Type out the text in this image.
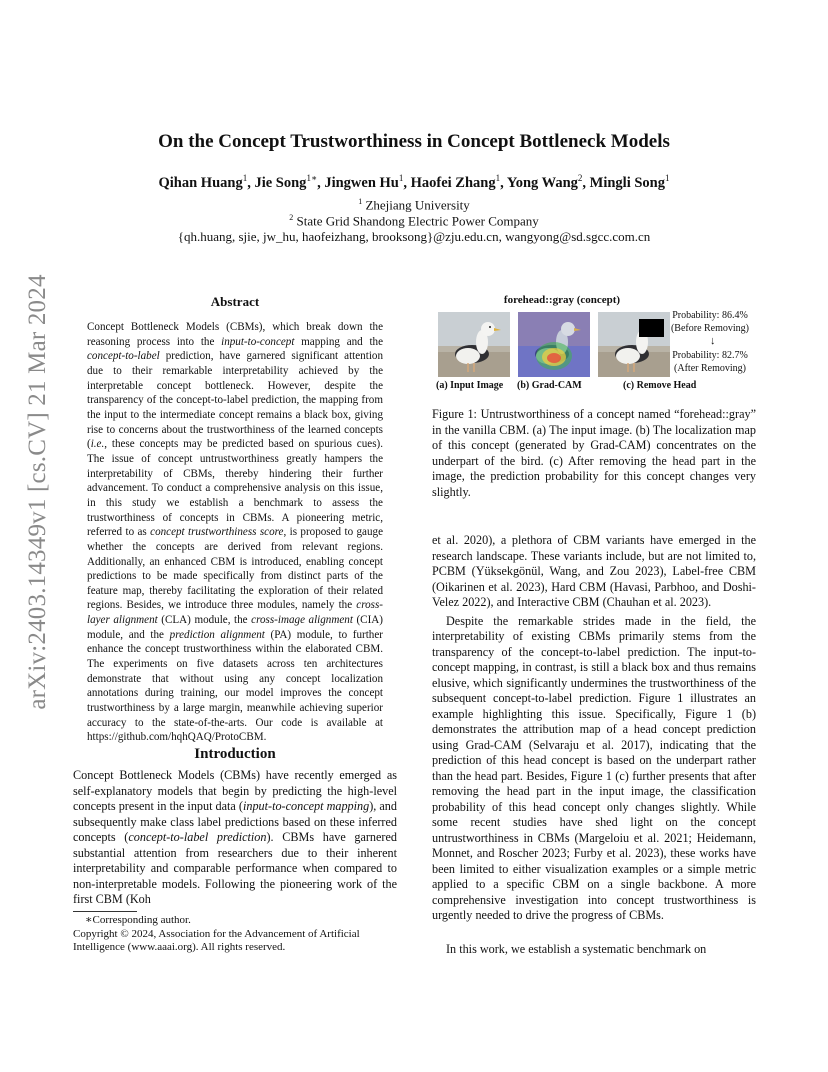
arXiv:2403.14349v1 [cs.CV] 21 Mar 2024
On the Concept Trustworthiness in Concept Bottleneck Models
Qihan Huang$^1$, Jie Song$^{1∗}$, Jingwen Hu$^1$, Haofei Zhang$^1$, Yong Wang$^2$, Mingli Song$^1$
$^1$ Zhejiang University
$^2$ State Grid Shandong Electric Power Company
{qh.huang, sjie, jw_hu, haofeizhang, brooksong}@zju.edu.cn, wangyong@sd.sgcc.com.cn
Abstract
Concept Bottleneck Models (CBMs), which break down the reasoning process into the input-to-concept mapping and the concept-to-label prediction, have garnered significant attention due to their remarkable interpretability achieved by the interpretable concept bottleneck. However, despite the transparency of the concept-to-label prediction, the mapping from the input to the intermediate concept remains a black box, giving rise to concerns about the trustworthiness of the learned concepts (i.e., these concepts may be predicted based on spurious cues). The issue of concept untrustworthiness greatly hampers the interpretability of CBMs, thereby hindering their further advancement. To conduct a comprehensive analysis on this issue, in this study we establish a benchmark to assess the trustworthiness of concepts in CBMs. A pioneering metric, referred to as concept trustworthiness score, is proposed to gauge whether the concepts are derived from relevant regions. Additionally, an enhanced CBM is introduced, enabling concept predictions to be made specifically from distinct parts of the feature map, thereby facilitating the exploration of their related regions. Besides, we introduce three modules, namely the cross-layer alignment (CLA) module, the cross-image alignment (CIA) module, and the prediction alignment (PA) module, to further enhance the concept trustworthiness within the elaborated CBM. The experiments on five datasets across ten architectures demonstrate that without using any concept localization annotations during training, our model improves the concept trustworthiness by a large margin, meanwhile achieving superior accuracy to the state-of-the-arts. Our code is available at https://github.com/hqhQAQ/ProtoCBM.
Introduction
Concept Bottleneck Models (CBMs) have recently emerged as self-explanatory models that begin by predicting the high-level concepts present in the input data (input-to-concept mapping), and subsequently make class label predictions based on these inferred concepts (concept-to-label prediction). CBMs have garnered substantial attention from researchers due to their inherent interpretability and comparable performance when compared to non-interpretable models. Following the pioneering work of the first CBM (Koh
∗Corresponding author.
Copyright © 2024, Association for the Advancement of Artificial Intelligence (www.aaai.org). All rights reserved.
forehead::gray (concept)
(a) Input Image (b) Grad-CAM	(c) Remove Head
Probability: 86.4%
(Before Removing)
↓
Probability: 82.7%
(After Removing)
Figure 1: Untrustworthiness of a concept named “forehead::gray” in the vanilla CBM. (a) The input image. (b) The localization map of this concept (generated by Grad-CAM) concentrates on the underpart of the bird. (c) After removing the head part in the image, the prediction probability for this concept changes very slightly.

et al. 2020), a plethora of CBM variants have emerged in the research landscape. These variants include, but are not limited to, PCBM (Yüksekgönül, Wang, and Zou 2023), Label-free CBM (Oikarinen et al. 2023), Hard CBM (Havasi, Parbhoo, and Doshi-Velez 2022), and Interactive CBM (Chauhan et al. 2023).

Despite the remarkable strides made in the field, the interpretability of existing CBMs primarily stems from the transparency of the concept-to-label prediction. The input-to-concept mapping, in contrast, is still a black box and thus remains elusive, which significantly undermines the trustworthiness of the subsequent concept-to-label prediction. Figure 1 illustrates an example highlighting this issue. Specifically, Figure 1 (b) demonstrates the attribution map of a head concept prediction using Grad-CAM (Selvaraju et al. 2017), indicating that the prediction of this head concept is based on the underpart rather than the head part. Besides, Figure 1 (c) further presents that after removing the head part in the input image, the classification probability of this head concept only changes slightly. While some recent studies have shed light on the concept untrustworthiness in CBMs (Margeloiu et al. 2021; Heidemann, Monnet, and Roscher 2023; Furby et al. 2023), these works have been limited to either visualization examples or a simple metric applied to a specific CBM on a single backbone. A more comprehensive investigation into concept trustworthiness is urgently needed to drive the progress of CBMs.

In this work, we establish a systematic benchmark on
